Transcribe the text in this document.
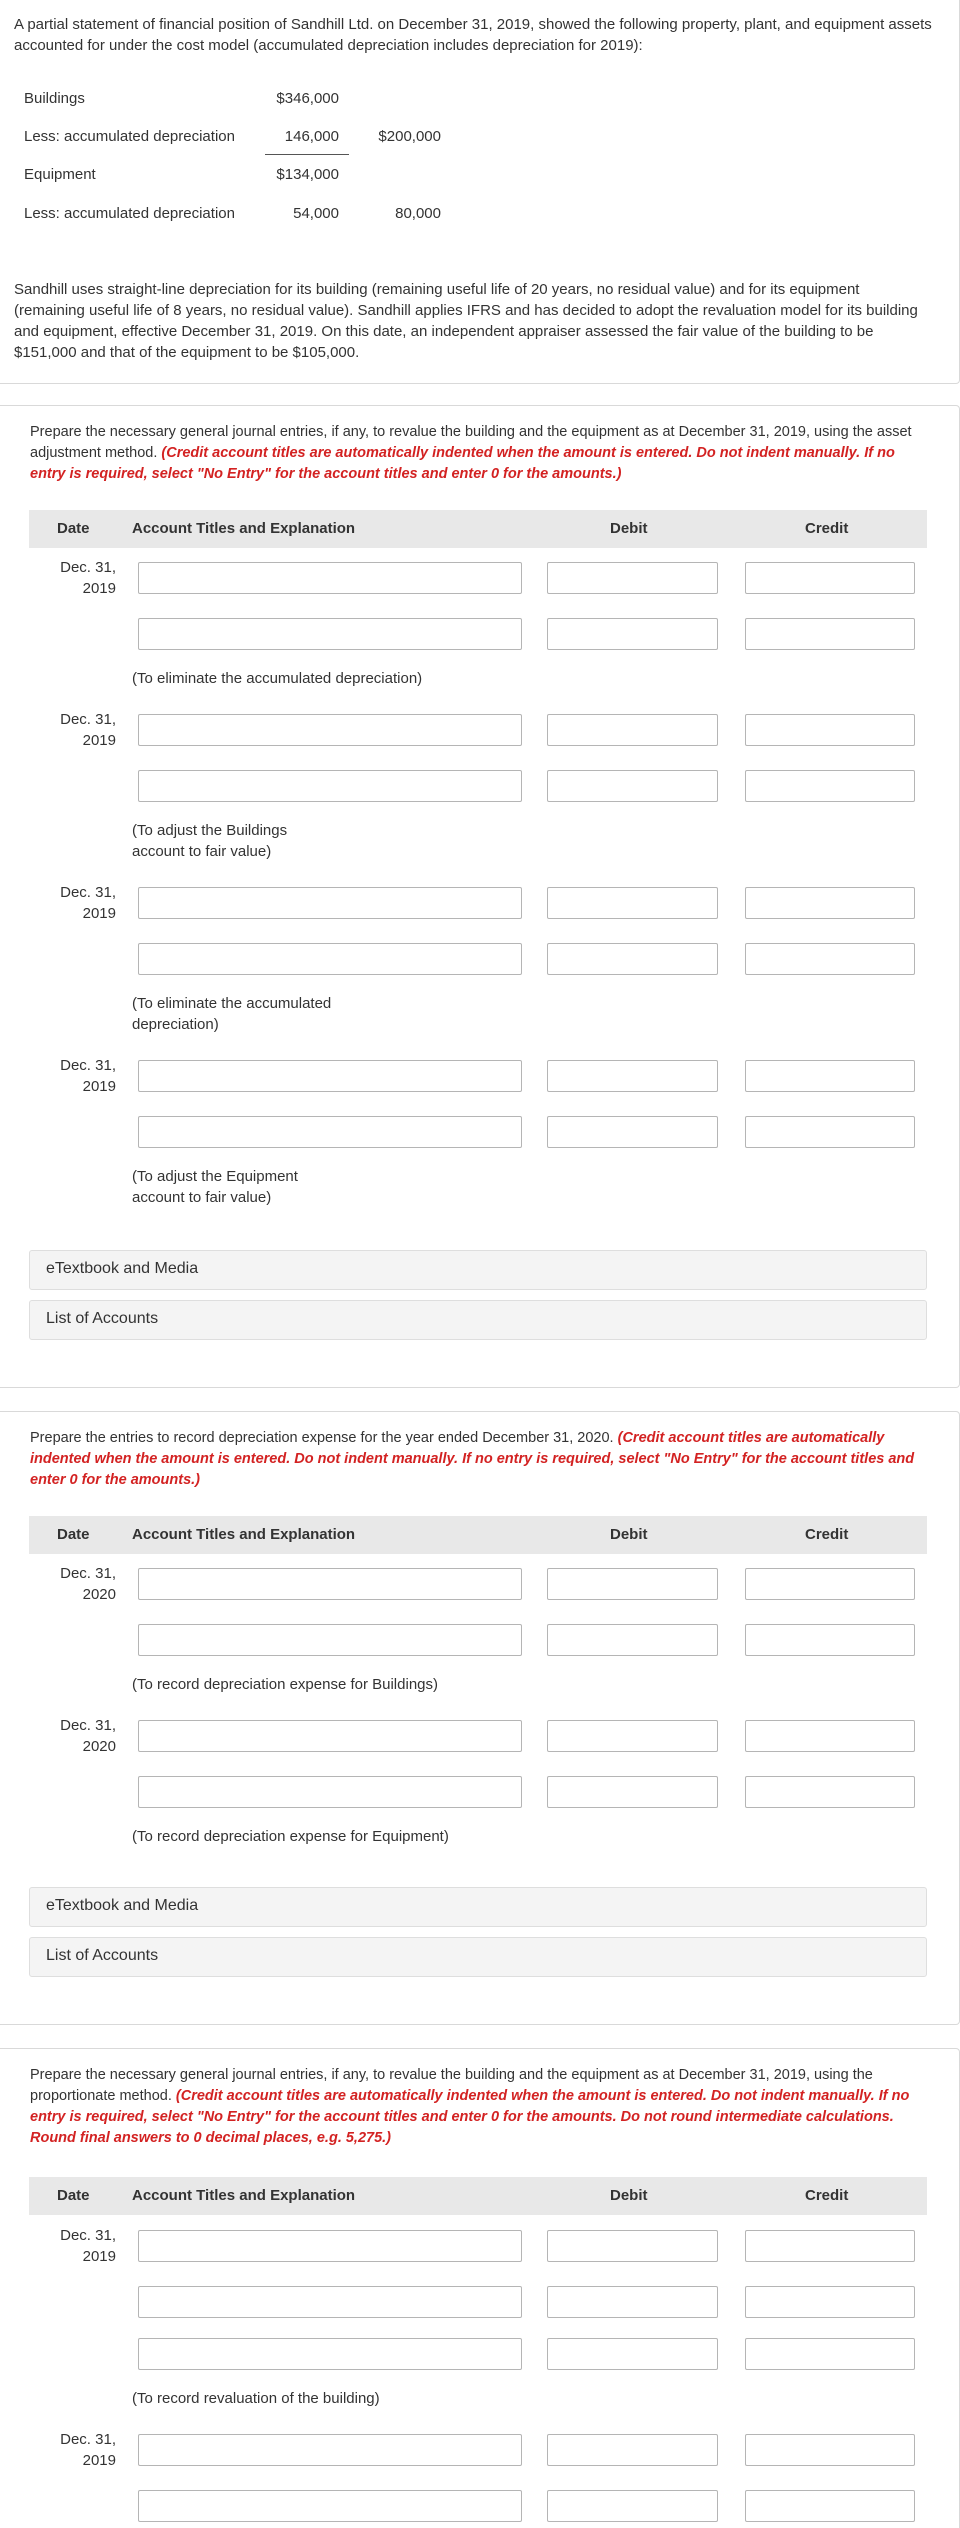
A partial statement of financial position of Sandhill Ltd. on December 31, 2019, showed the following property, plant, and equipment assets accounted for under the cost model (accumulated depreciation includes depreciation for 2019):

Buildings	$346,000
Less: accumulated depreciation	146,000	$200,000
Equipment	$134,000
Less: accumulated depreciation	54,000	80,000

Sandhill uses straight-line depreciation for its building (remaining useful life of 20 years, no residual value) and for its equipment (remaining useful life of 8 years, no residual value). Sandhill applies IFRS and has decided to adopt the revaluation model for its building and equipment, effective December 31, 2019. On this date, an independent appraiser assessed the fair value of the building to be $151,000 and that of the equipment to be $105,000.

Prepare the necessary general journal entries, if any, to revalue the building and the equipment as at December 31, 2019, using the asset adjustment method. (Credit account titles are automatically indented when the amount is entered. Do not indent manually. If no entry is required, select "No Entry" for the account titles and enter 0 for the amounts.)

Date	Account Titles and Explanation	Debit	Credit
Dec. 31,
2019
(To eliminate the accumulated depreciation)
Dec. 31,
2019
(To adjust the Buildings
account to fair value)
Dec. 31,
2019
(To eliminate the accumulated
depreciation)
Dec. 31,
2019
(To adjust the Equipment
account to fair value)
eTextbook and Media
List of Accounts

Prepare the entries to record depreciation expense for the year ended December 31, 2020. (Credit account titles are automatically indented when the amount is entered. Do not indent manually. If no entry is required, select "No Entry" for the account titles and enter 0 for the amounts.)

Date	Account Titles and Explanation	Debit	Credit
Dec. 31,
2020
(To record depreciation expense for Buildings)
Dec. 31,
2020
(To record depreciation expense for Equipment)
eTextbook and Media
List of Accounts

Prepare the necessary general journal entries, if any, to revalue the building and the equipment as at December 31, 2019, using the proportionate method. (Credit account titles are automatically indented when the amount is entered. Do not indent manually. If no entry is required, select "No Entry" for the account titles and enter 0 for the amounts. Do not round intermediate calculations. Round final answers to 0 decimal places, e.g. 5,275.)

Date	Account Titles and Explanation	Debit	Credit
Dec. 31,
2019
(To record revaluation of the building)
Dec. 31,
2019
